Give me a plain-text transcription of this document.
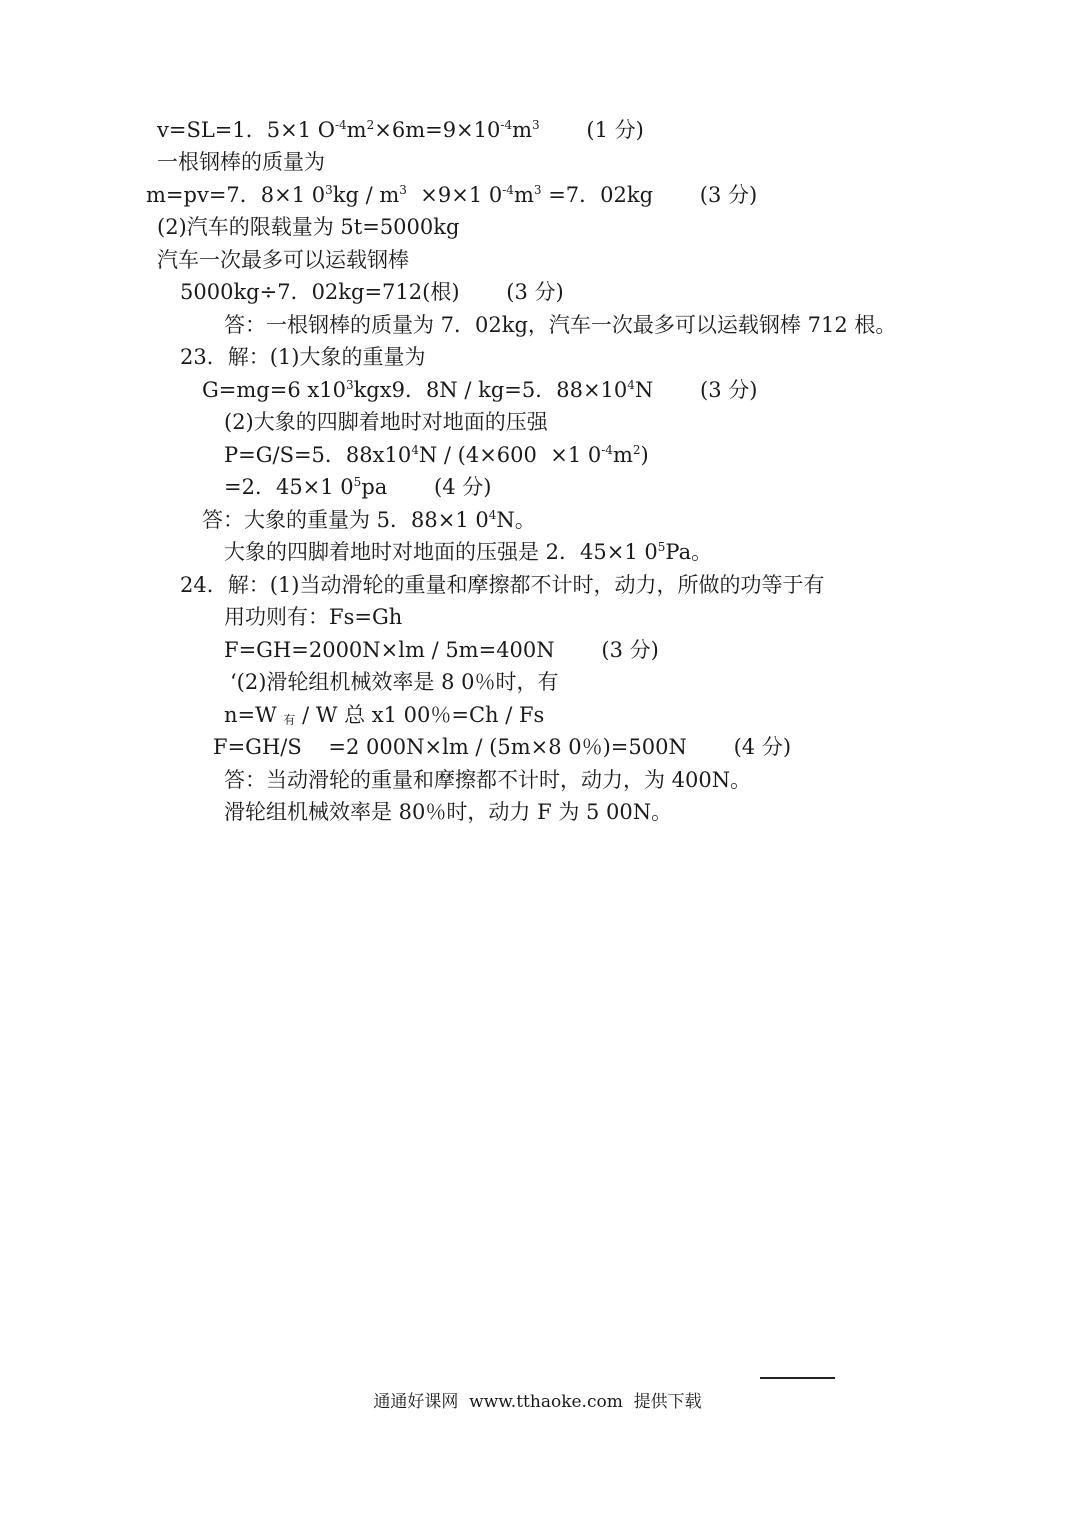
v=SL=1．5×1 $O^{-4}m^2\times 6m=9\times 10^{-4}m^3$       (1 分)
一根钢棒的质量为
m=pv=7．8×1 $0^3kg / m^3 \times 9\times 1$ $0^{-4}m^3 =7$．02kg       (3 分)
(2)汽车的限载量为 5t=5000kg
汽车一次最多可以运载钢棒
5000kg÷7．02kg=712(根)       (3 分)
答：一根钢棒的质量为 7．02kg，汽车一次最多可以运载钢棒 712 根。
23．解：(1)大象的重量为
G=mg=6 $x10^3kgx9$．8N / kg=5．$88\times 10^4N$       (3 分)
(2)大象的四脚着地时对地面的压强
P=G/S=5．$88x10^4N / (4\times 600 \times 1$ $0^{-4}m^2$)
=2．45×1 $0^5pa$       (4 分)
答：大象的重量为 5．88×1 $0^4N$。
大象的四脚着地时对地面的压强是 2．45×1 $0^5Pa$。
24．解：(1)当动滑轮的重量和摩擦都不计时，动力，所做的功等于有
用功则有：Fs=Gh
F=GH=2000N×lm / 5m=400N       (3 分)
‘(2)滑轮组机械效率是 8 0％时，有
n=W $_有$ / W 总 x1 00％=Ch / Fs
F=GH/S    =2 000N×lm / (5m×8 0％)=500N       (4 分)
答：当动滑轮的重量和摩擦都不计时，动力，为 400N。
滑轮组机械效率是 80％时，动力 F 为 5 00N。
通通好课网  www.tthaoke.com  提供下载
